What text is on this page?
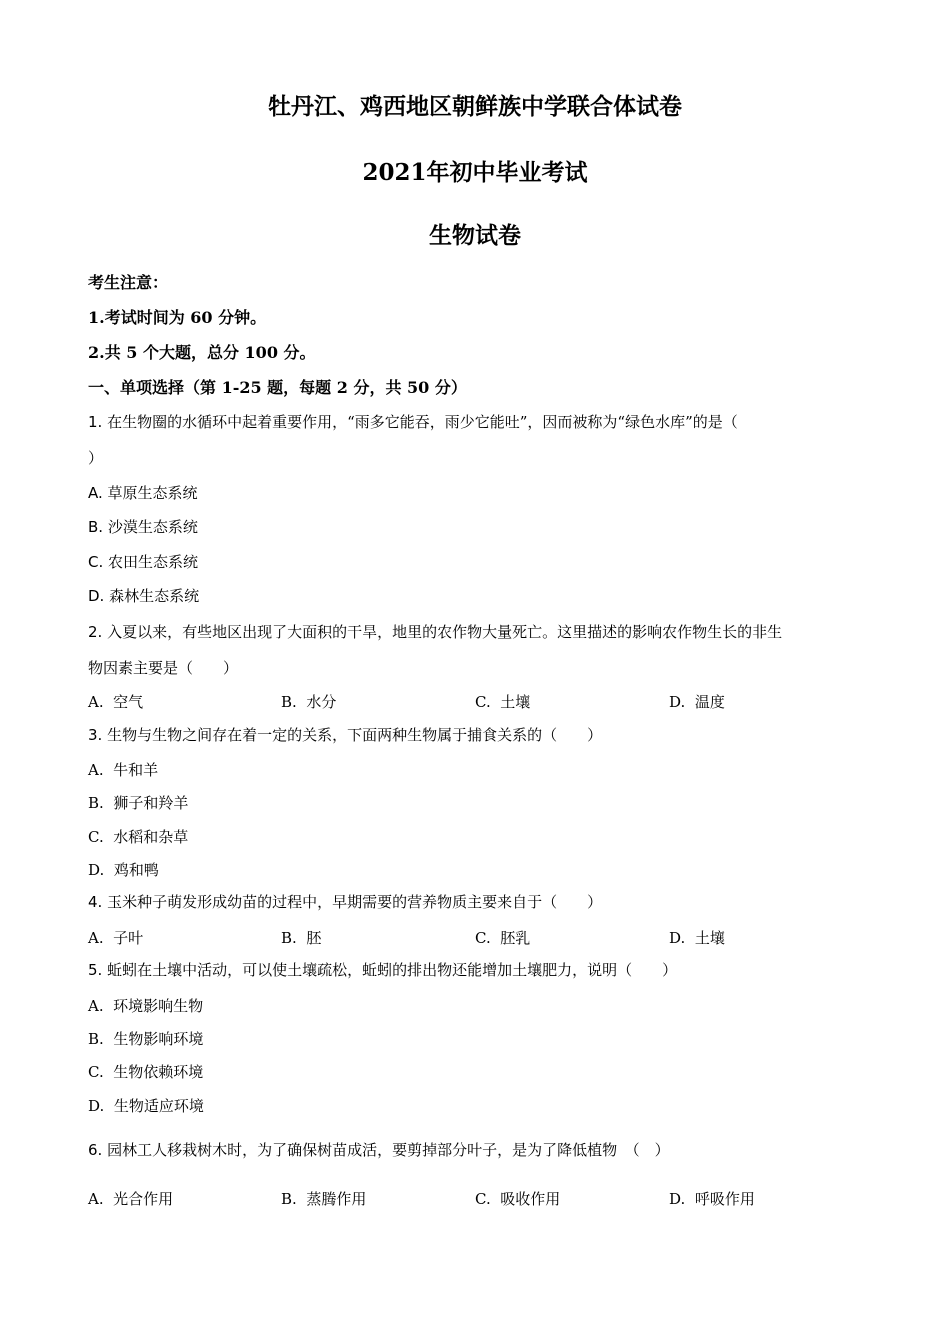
牡丹江、鸡西地区朝鲜族中学联合体试卷
2021年初中毕业考试
生物试卷
考生注意：
1.考试时间为 60 分钟。
2.共 5 个大题，总分 100 分。
一、单项选择（第 1-25 题，每题 2 分，共 50 分）
1. 在生物圈的水循环中起着重要作用，“雨多它能吞，雨少它能吐”，因而被称为“绿色水库”的是（
）
A. 草原生态系统
B. 沙漠生态系统
C. 农田生态系统
D. 森林生态系统
2. 入夏以来，有些地区出现了大面积的干旱，地里的农作物大量死亡。这里描述的影响农作物生长的非生
物因素主要是（　　）
A. 空气	B. 水分	C. 土壤	D. 温度
3. 生物与生物之间存在着一定的关系，下面两种生物属于捕食关系的（　　）
A. 牛和羊
B. 狮子和羚羊
C. 水稻和杂草
D. 鸡和鸭
4. 玉米种子萌发形成幼苗的过程中，早期需要的营养物质主要来自于（　　）
A. 子叶	B. 胚	C. 胚乳	D. 土壤
5. 蚯蚓在土壤中活动，可以使土壤疏松，蚯蚓的排出物还能增加土壤肥力，说明（　　）
A. 环境影响生物
B. 生物影响环境
C. 生物依赖环境
D. 生物适应环境
6. 园林工人移栽树木时，为了确保树苗成活，要剪掉部分叶子，是为了降低植物　（　）
A. 光合作用	B. 蒸腾作用	C. 吸收作用	D. 呼吸作用
